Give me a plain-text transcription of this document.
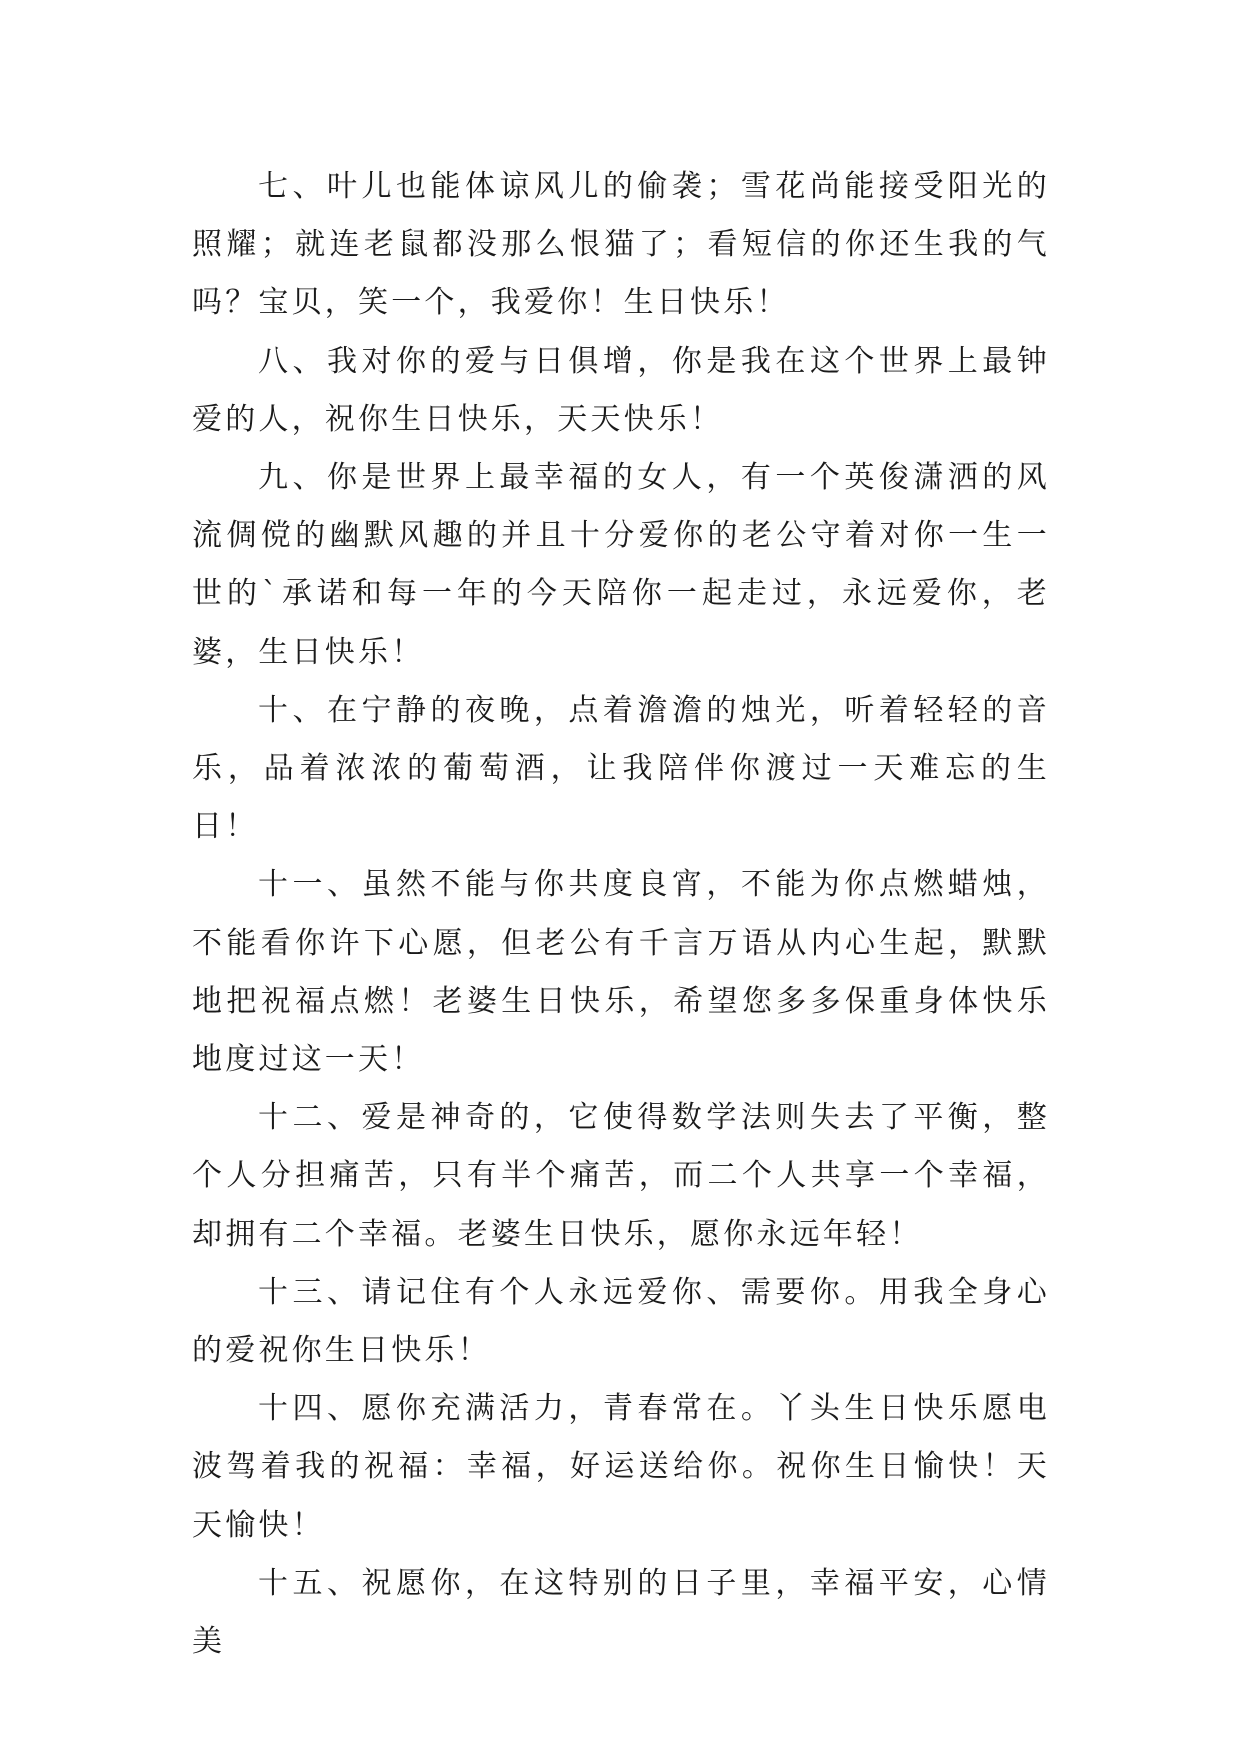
七、叶儿也能体谅风儿的偷袭；雪花尚能接受阳光的照耀；就连老鼠都没那么恨猫了；看短信的你还生我的气吗？宝贝，笑一个，我爱你！生日快乐！

八、我对你的爱与日俱增，你是我在这个世界上最钟爱的人，祝你生日快乐，天天快乐！

九、你是世界上最幸福的女人，有一个英俊潇洒的风流倜傥的幽默风趣的并且十分爱你的老公守着对你一生一世的`承诺和每一年的今天陪你一起走过，永远爱你，老婆，生日快乐！

十、在宁静的夜晚，点着澹澹的烛光，听着轻轻的音乐，品着浓浓的葡萄酒，让我陪伴你渡过一天难忘的生日！

十一、虽然不能与你共度良宵，不能为你点燃蜡烛，不能看你许下心愿，但老公有千言万语从内心生起，默默地把祝福点燃！老婆生日快乐，希望您多多保重身体快乐地度过这一天！

十二、爱是神奇的，它使得数学法则失去了平衡，整个人分担痛苦，只有半个痛苦，而二个人共享一个幸福，却拥有二个幸福。老婆生日快乐，愿你永远年轻！

十三、请记住有个人永远爱你、需要你。用我全身心的爱祝你生日快乐！

十四、愿你充满活力，青春常在。丫头生日快乐愿电波驾着我的祝福：幸福，好运送给你。祝你生日愉快！天天愉快！

十五、祝愿你，在这特别的日子里，幸福平安，心情美
